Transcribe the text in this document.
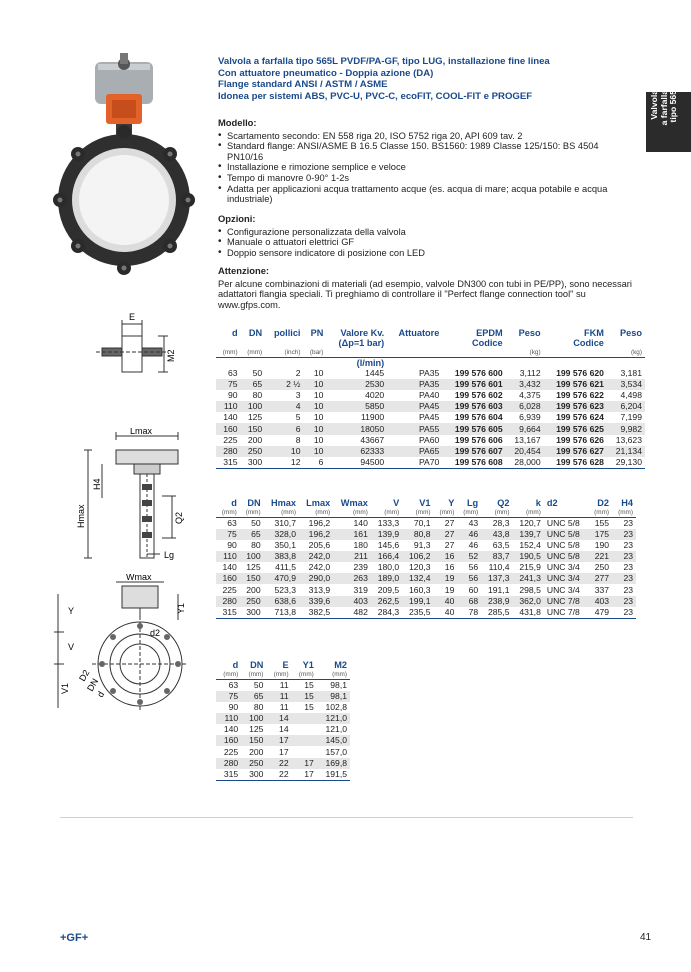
Valvola a farfalla tipo 565L PVDF/PA-GF, tipo LUG, installazione fine linea
Con attuatore pneumatico - Doppia azione (DA)
Flange standard ANSI / ASTM / ASME
Idonea per sistemi ABS, PVC-U, PVC-C, ecoFIT, COOL-FIT e PROGEF	Valvola a farfalla tipo 565
Modello:
• Scartamento secondo: EN 558 riga 20, ISO 5752 riga 20, API 609 tav. 2
• Standard flange: ANSI/ASME B 16.5 Classe 150. BS1560: 1989 Classe 125/150: BS 4504 PN10/16
• Installazione e rimozione semplice e veloce
• Tempo di manovre 0-90° 1-2s
• Adatta per applicazioni acqua trattamento acque (es. acqua di mare; acqua potabile e acqua industriale)
Opzioni:
• Configurazione personalizzata della valvola
• Manuale o attuatori elettrici GF
• Doppio sensore indicatore di posizione con LED
Attenzione:
Per alcune combinazioni di materiali (ad esempio, valvole DN300 con tubi in PE/PP), sono necessari adattatori flangia speciali. Ti preghiamo di controllare il "Perfect flange connection tool" su www.gfps.com.
E
M2
Lmax
Hmax
H4
Q2
Lg
Wmax
Y	Y1
V
V1
d2
D2
DN
d
d	DN	pollici	PN	Valore Kv.	Attuatore	EPDM	Peso	FKM	Peso
				(Δp=1 bar)		Codice		Codice	
(mm)	(mm)	(inch)	(bar)				(kg)		(kg)
				(l/min)					
63	50	2	10	1445	PA35	199 576 600	3,112	199 576 620	3,181
75	65	2 ½	10	2530	PA35	199 576 601	3,432	199 576 621	3,534
90	80	3	10	4020	PA40	199 576 602	4,375	199 576 622	4,498
110	100	4	10	5850	PA45	199 576 603	6,028	199 576 623	6,204
140	125	5	10	11900	PA45	199 576 604	6,939	199 576 624	7,199
160	150	6	10	18050	PA55	199 576 605	9,664	199 576 625	9,982
225	200	8	10	43667	PA60	199 576 606	13,167	199 576 626	13,623
280	250	10	10	62333	PA65	199 576 607	20,454	199 576 627	21,134
315	300	12	6	94500	PA70	199 576 608	28,000	199 576 628	29,130
d	DN	Hmax	Lmax	Wmax	V	V1	Y	Lg	Q2	k	d2	D2	H4
(mm)	(mm)	(mm)	(mm)	(mm)	(mm)	(mm)	(mm)	(mm)	(mm)	(mm)		(mm)	(mm)
63	50	310,7	196,2	140	133,3	70,1	27	43	28,3	120,7	UNC 5/8	155	23
75	65	328,0	196,2	161	139,9	80,8	27	46	43,8	139,7	UNC 5/8	175	23
90	80	350,1	205,6	180	145,6	91,3	27	46	63,5	152,4	UNC 5/8	190	23
110	100	383,8	242,0	211	166,4	106,2	16	52	83,7	190,5	UNC 5/8	221	23
140	125	411,5	242,0	239	180,0	120,3	16	56	110,4	215,9	UNC 3/4	250	23
160	150	470,9	290,0	263	189,0	132,4	19	56	137,3	241,3	UNC 3/4	277	23
225	200	523,3	313,9	319	209,5	160,3	19	60	191,1	298,5	UNC 3/4	337	23
280	250	638,6	339,6	403	262,5	199,1	40	68	238,9	362,0	UNC 7/8	403	23
315	300	713,8	382,5	482	284,3	235,5	40	78	285,5	431,8	UNC 7/8	479	23
d	DN	E	Y1	M2
(mm)	(mm)	(mm)	(mm)	(mm)
63	50	11	15	98,1
75	65	11	15	98,1
90	80	11	15	102,8
110	100	14		121,0
140	125	14		121,0
160	150	17		145,0
225	200	17		157,0
280	250	22	17	169,8
315	300	22	17	191,5
+GF+	41
